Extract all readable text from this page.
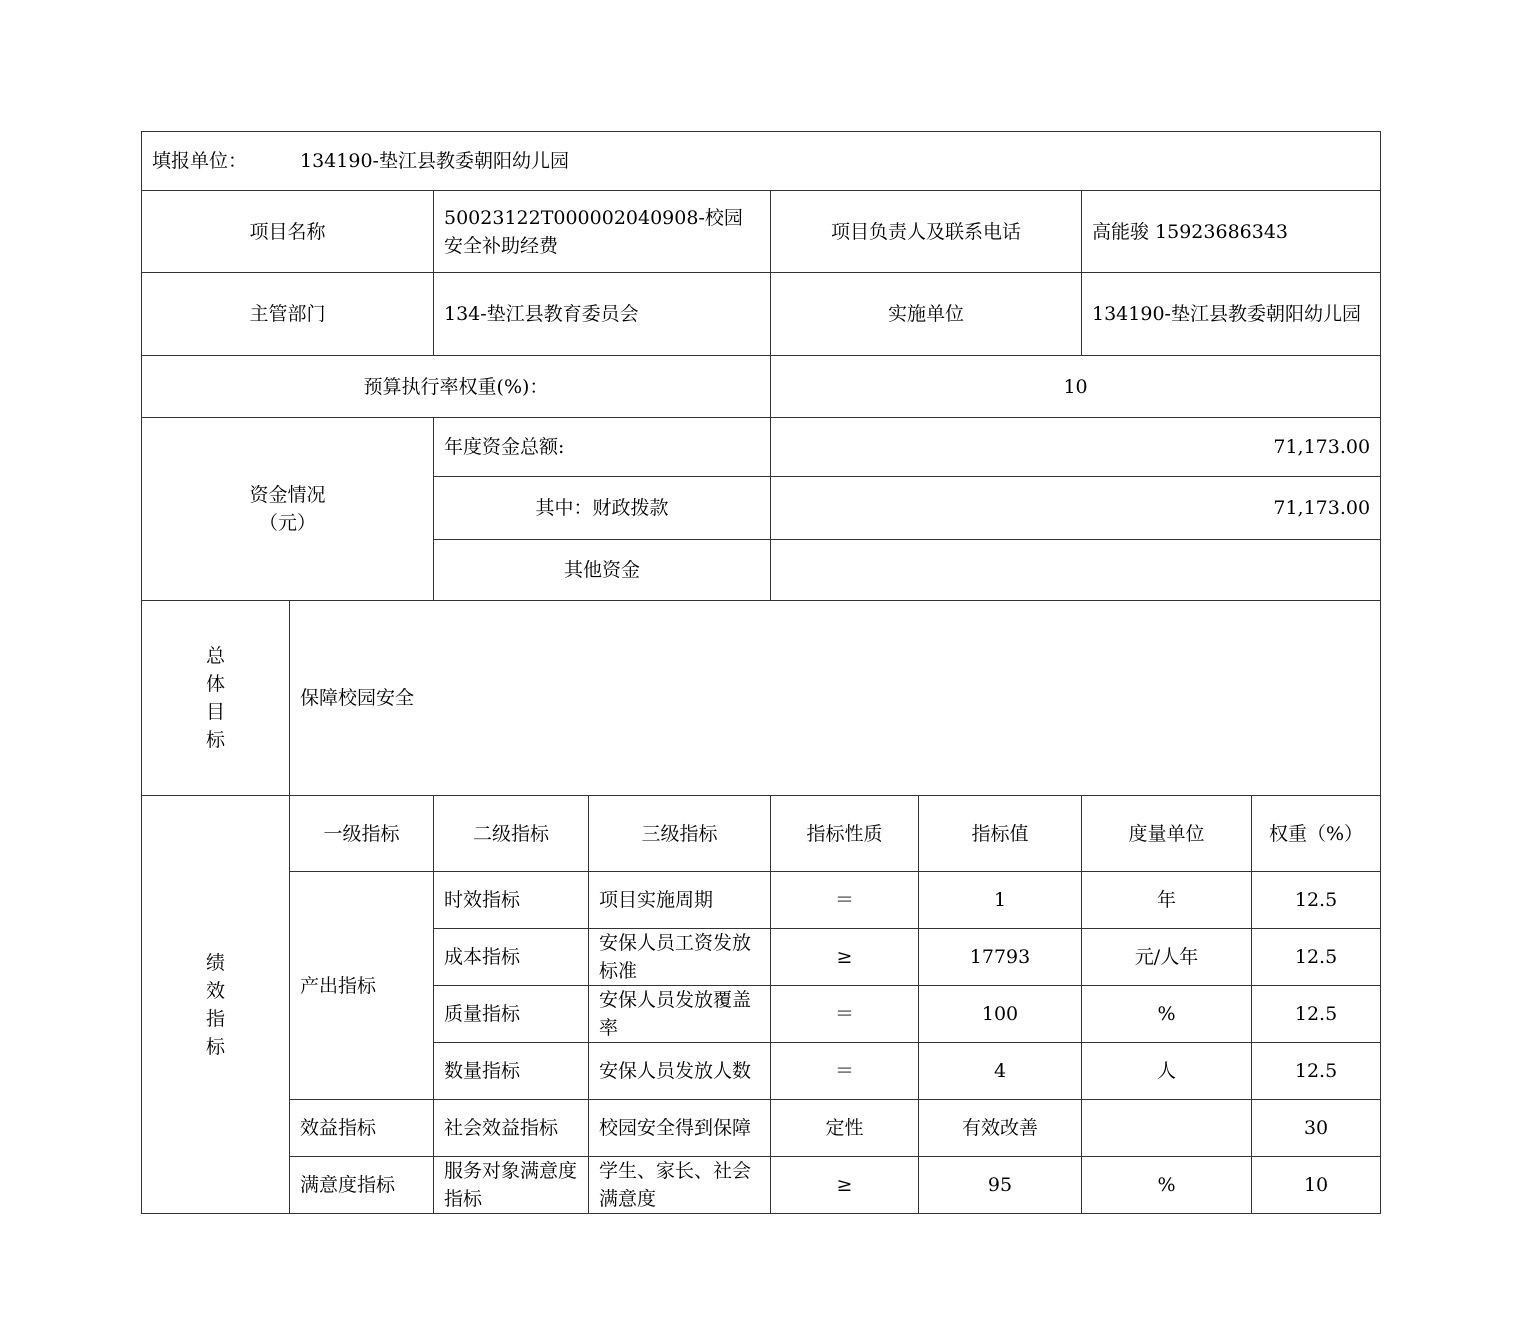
填报单位： 134190-垫江县教委朝阳幼儿园							
项目名称		50023122T000002040908-校园安全补助经费		项目负责人及联系电话		高能骏 15923686343	
主管部门		134-垫江县教育委员会		实施单位		134190-垫江县教委朝阳幼儿园	
预算执行率权重(%)：				10			

资金情况
（元）		年度资金总额:		71,173.00			
		其中：财政拨款		71,173.00			
		其他资金					
总
体
目
标	保障校园安全						
绩
效
指
标	一级指标	二级指标	三级指标	指标性质	指标值	度量单位	权重（%）
	产出指标	时效指标	项目实施周期	＝	1	年	12.5
		成本指标	安保人员工资发放标准	≥	17793	元/人年	12.5
		质量指标	安保人员发放覆盖率	＝	100	%	12.5
		数量指标	安保人员发放人数	＝	4	人	12.5
	效益指标	社会效益指标	校园安全得到保障	定性	有效改善		30
	满意度指标	服务对象满意度指标	学生、家长、社会满意度	≥	95	%	10
